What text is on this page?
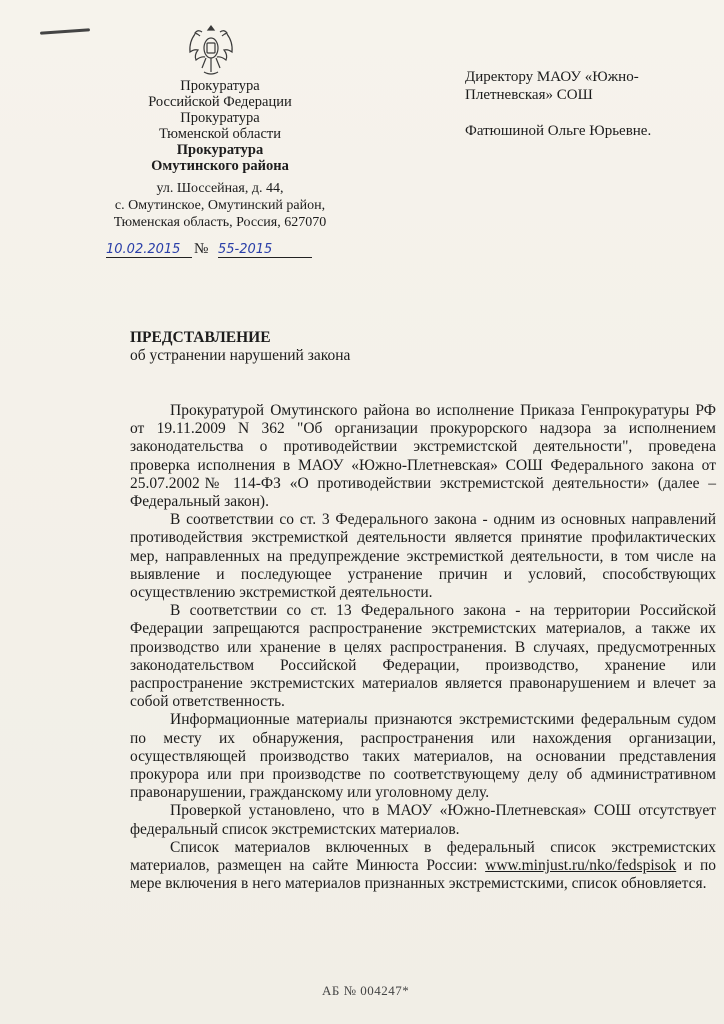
Прокуратура
Российской Федерации
Прокуратура
Тюменской области
Прокуратура
Омутинского района
ул. Шоссейная, д. 44,
с. Омутинское, Омутинский район,
Тюменская область, Россия, 627070
10.02.2015 № 55-2015
Директору МАОУ «Южно-
Плетневская» СОШ
Фатюшиной Ольге Юрьевне.
ПРЕДСТАВЛЕНИЕ
об устранении нарушений закона

Прокуратурой Омутинского района во исполнение Приказа Генпрокуратуры РФ от 19.11.2009 N 362 "Об организации прокурорского надзора за исполнением законодательства о противодействии экстремистской деятельности", проведена проверка исполнения в МАОУ «Южно-Плетневская» СОШ Федерального закона от 25.07.2002№ 114-ФЗ «О противодействии экстремистской деятельности» (далее – Федеральный закон).

В соответствии со ст. 3 Федерального закона - одним из основных направлений противодействия экстремисткой деятельности является принятие профилактических мер, направленных на предупреждение экстремисткой деятельности, в том числе на выявление и последующее устранение причин и условий, способствующих осуществлению экстремисткой деятельности.

В соответствии со ст. 13 Федерального закона - на территории Российской Федерации запрещаются распространение экстремистских материалов, а также их производство или хранение в целях распространения. В случаях, предусмотренных законодательством Российской Федерации, производство, хранение или распространение экстремистских материалов является правонарушением и влечет за собой ответственность.

Информационные материалы признаются экстремистскими федеральным судом по месту их обнаружения, распространения или нахождения организации, осуществляющей производство таких материалов, на основании представления прокурора или при производстве по соответствующему делу об административном правонарушении, гражданскому или уголовному делу.

Проверкой установлено, что в МАОУ «Южно-Плетневская» СОШ отсутствует федеральный список экстремистских материалов.

Список материалов включенных в федеральный список экстремистских материалов, размещен на сайте Минюста России: www.minjust.ru/nko/fedspisok и по мере включения в него материалов признанных экстремистскими, список обновляется.

АБ № 004247*
